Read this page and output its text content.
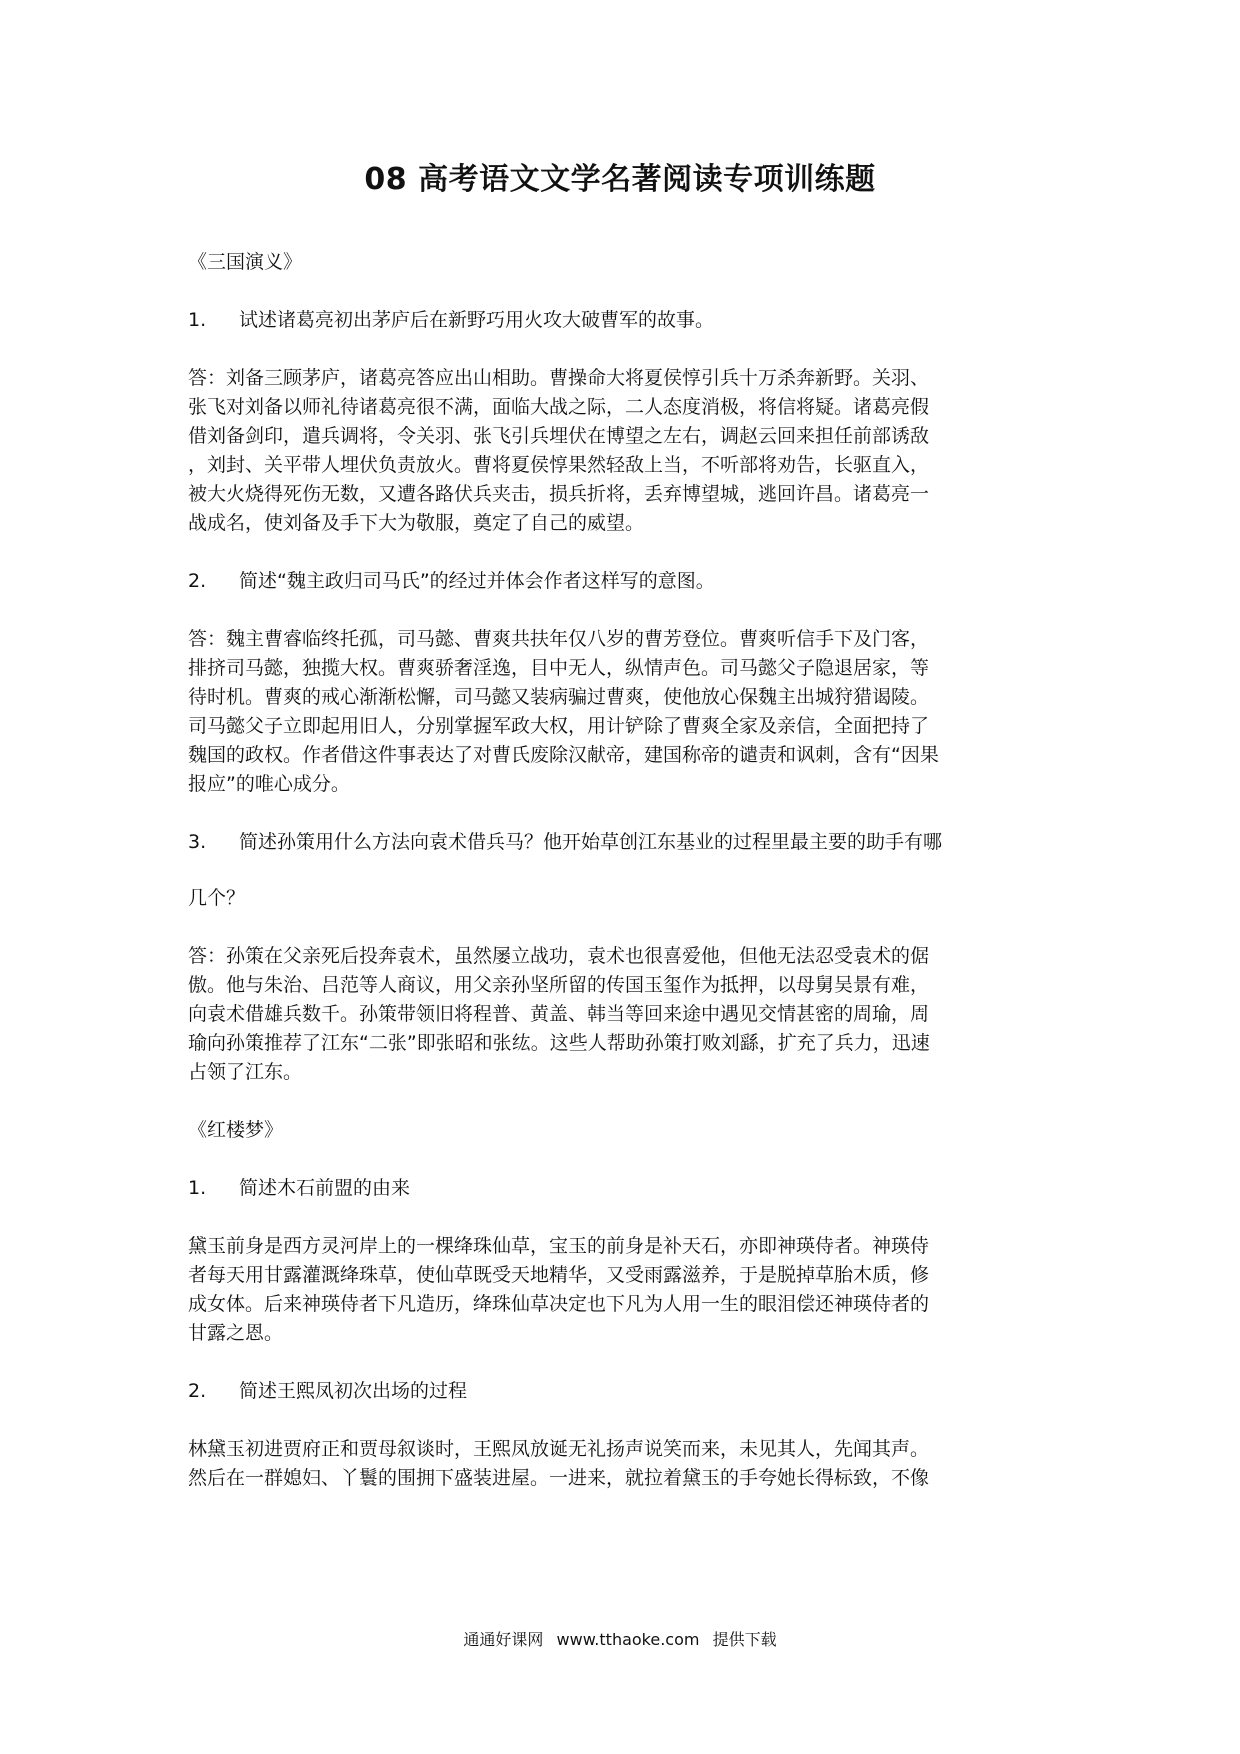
08 高考语文文学名著阅读专项训练题
《三国演义》
1. 试述诸葛亮初出茅庐后在新野巧用火攻大破曹军的故事。
答：刘备三顾茅庐，诸葛亮答应出山相助。曹操命大将夏侯惇引兵十万杀奔新野。关羽、
张飞对刘备以师礼待诸葛亮很不满，面临大战之际，二人态度消极，将信将疑。诸葛亮假
借刘备剑印，遣兵调将，令关羽、张飞引兵埋伏在博望之左右，调赵云回来担任前部诱敌
，刘封、关平带人埋伏负责放火。曹将夏侯惇果然轻敌上当，不听部将劝告，长驱直入，
被大火烧得死伤无数，又遭各路伏兵夹击，损兵折将，丢弃博望城，逃回许昌。诸葛亮一
战成名，使刘备及手下大为敬服，奠定了自己的威望。
2. 简述“魏主政归司马氏”的经过并体会作者这样写的意图。
答：魏主曹睿临终托孤，司马懿、曹爽共扶年仅八岁的曹芳登位。曹爽听信手下及门客，
排挤司马懿，独揽大权。曹爽骄奢淫逸，目中无人，纵情声色。司马懿父子隐退居家，等
待时机。曹爽的戒心渐渐松懈，司马懿又装病骗过曹爽，使他放心保魏主出城狩猎谒陵。
司马懿父子立即起用旧人，分别掌握军政大权，用计铲除了曹爽全家及亲信，全面把持了
魏国的政权。作者借这件事表达了对曹氏废除汉献帝，建国称帝的谴责和讽刺，含有“因果
报应”的唯心成分。
3. 简述孙策用什么方法向袁术借兵马？他开始草创江东基业的过程里最主要的助手有哪
几个？
答：孙策在父亲死后投奔袁术，虽然屡立战功，袁术也很喜爱他，但他无法忍受袁术的倨
傲。他与朱治、吕范等人商议，用父亲孙坚所留的传国玉玺作为抵押，以母舅吴景有难，
向袁术借雄兵数千。孙策带领旧将程普、黄盖、韩当等回来途中遇见交情甚密的周瑜，周
瑜向孙策推荐了江东“二张”即张昭和张纮。这些人帮助孙策打败刘繇，扩充了兵力，迅速
占领了江东。
《红楼梦》
1. 简述木石前盟的由来
黛玉前身是西方灵河岸上的一棵绛珠仙草，宝玉的前身是补天石，亦即神瑛侍者。神瑛侍
者每天用甘露灌溉绛珠草，使仙草既受天地精华，又受雨露滋养，于是脱掉草胎木质，修
成女体。后来神瑛侍者下凡造历，绛珠仙草决定也下凡为人用一生的眼泪偿还神瑛侍者的
甘露之恩。
2. 简述王熙凤初次出场的过程
林黛玉初进贾府正和贾母叙谈时，王熙凤放诞无礼扬声说笑而来，未见其人，先闻其声。
然后在一群媳妇、丫鬟的围拥下盛装进屋。一进来，就拉着黛玉的手夸她长得标致，不像
通通好课网 www.tthaoke.com 提供下载
